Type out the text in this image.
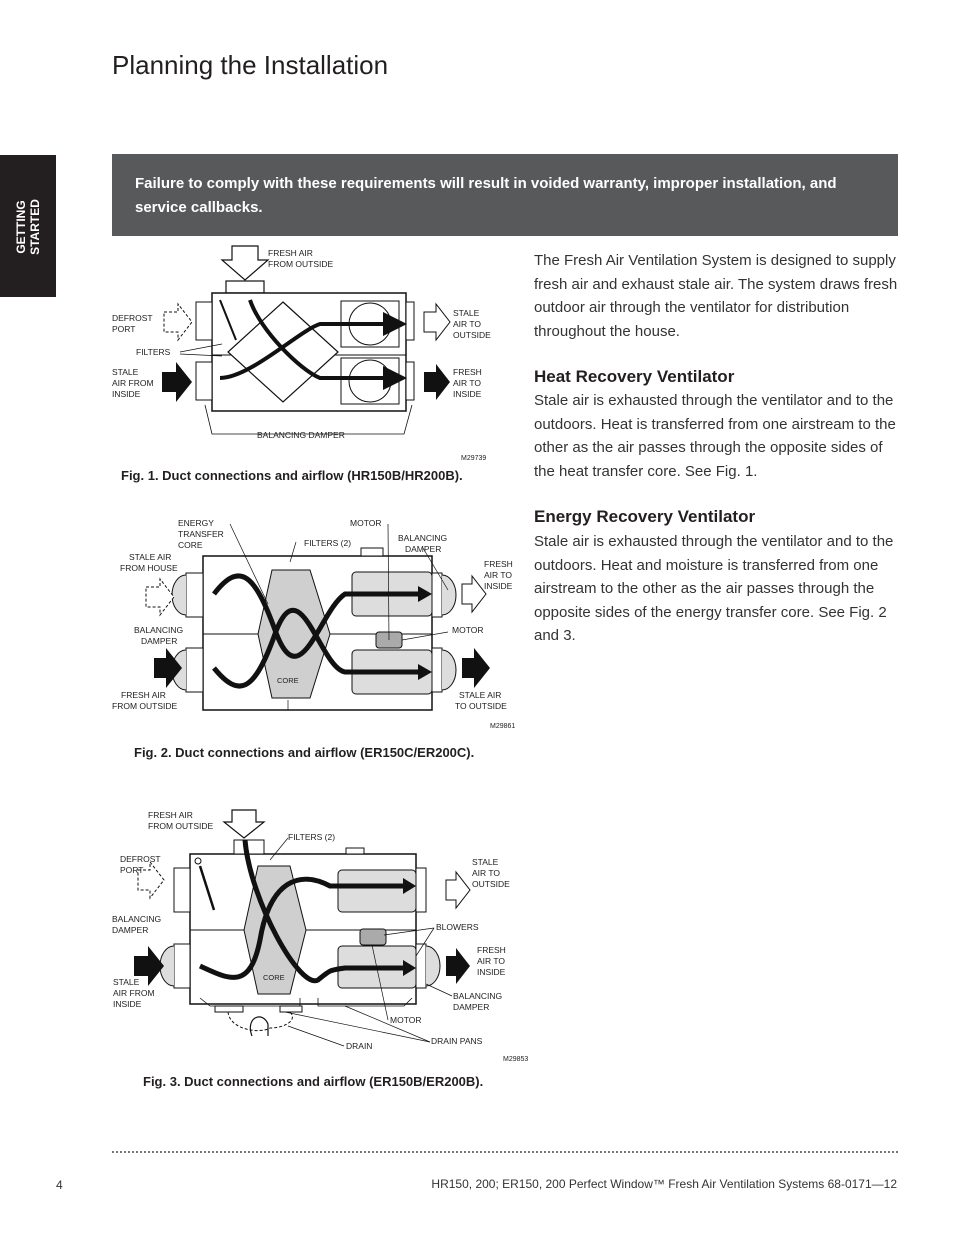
Planning the Installation
GETTING STARTED
Failure to comply with these requirements will result in voided warranty, improper installation, and service callbacks.

The Fresh Air Ventilation System is designed to supply fresh air and exhaust stale air. The system draws fresh outdoor air through the ventilator for distribution throughout the house.

Heat Recovery Ventilator

Stale air is exhausted through the ventilator and to the outdoors. Heat is transferred from one airstream to the other as the air passes through the opposite sides of the heat transfer core. See Fig. 1.

Energy Recovery Ventilator

Stale air is exhausted through the ventilator and to the outdoors. Heat and moisture is transferred from one airstream to the other as the air passes through the opposite sides of the energy transfer core. See Fig. 2 and 3.

FRESH AIR
FROM OUTSIDE
DEFROST
PORT
FILTERS
STALE
AIR FROM
INSIDE
STALE
AIR TO
OUTSIDE
FRESH
AIR TO
INSIDE
BALANCING DAMPER
M29739
Fig. 1. Duct connections and airflow (HR150B/HR200B).
ENERGY
TRANSFER
CORE
MOTOR
FILTERS (2)	BALANCING
DAMPER
STALE AIR
FROM HOUSE	FRESH
AIR TO
INSIDE
BALANCING
DAMPER
MOTOR
CORE
FRESH AIR
FROM OUTSIDE
STALE AIR
TO OUTSIDE
M29861
Fig. 2. Duct connections and airflow (ER150C/ER200C).
FRESH AIR
FROM OUTSIDE
FILTERS (2)
DEFROST
PORT
STALE
AIR TO
OUTSIDE
BALANCING
DAMPER	BLOWERS
FRESH
AIR TO
INSIDE
CORE
STALE
AIR FROM
INSIDE
BALANCING
DAMPER
MOTOR
DRAIN PANS
DRAIN
M29853
Fig. 3. Duct connections and airflow (ER150B/ER200B).
4	HR150, 200; ER150, 200 Perfect Window™ Fresh Air Ventilation Systems 68-0171—12
